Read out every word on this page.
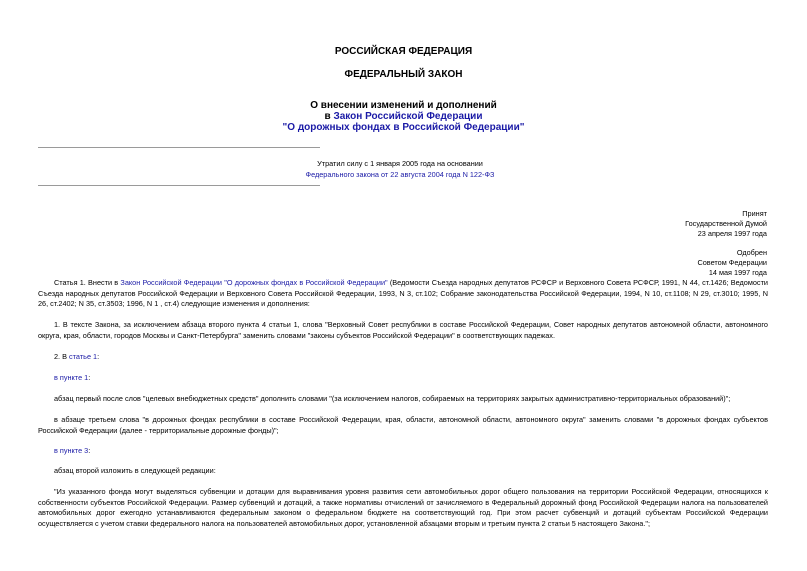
РОССИЙСКАЯ ФЕДЕРАЦИЯ
ФЕДЕРАЛЬНЫЙ ЗАКОН
О внесении изменений и дополнений
в Закон Российской Федерации
"О дорожных фондах в Российской Федерации"
Утратил силу с 1 января 2005 года на основании
Федерального закона от 22 августа 2004 года N 122-ФЗ
Принят
Государственной Думой
23 апреля 1997 года
Одобрен
Советом Федерации
14 мая 1997 года
Статья 1. Внести в Закон Российской Федерации "О дорожных фондах в Российской Федерации" (Ведомости Съезда народных депутатов РСФСР и Верховного Совета РСФСР, 1991, N 44, ст.1426; Ведомости Съезда народных депутатов Российской Федерации и Верховного Совета Российской Федерации, 1993, N 3, ст.102; Собрание законодательства Российской Федерации, 1994, N 10, ст.1108; N 29, ст.3010; 1995, N 26, ст.2402; N 35, ст.3503; 1996, N 1 , ст.4) следующие изменения и дополнения:
1. В тексте Закона, за исключением абзаца второго пункта 4 статьи 1, слова "Верховный Совет республики в составе Российской Федерации, Совет народных депутатов автономной области, автономного округа, края, области, городов Москвы и Санкт-Петербурга" заменить словами "законы субъектов Российской Федерации" в соответствующих падежах.
2. В статье 1:
в пункте 1:
абзац первый после слов "целевых внебюджетных средств" дополнить словами "(за исключением налогов, собираемых на территориях закрытых административно-территориальных образований)";
в абзаце третьем слова "в дорожных фондах республики в составе Российской Федерации, края, области, автономной области, автономного округа" заменить словами "в дорожных фондах субъектов Российской Федерации (далее - территориальные дорожные фонды)";
в пункте 3:
абзац второй изложить в следующей редакции:
"Из указанного фонда могут выделяться субвенции и дотации для выравнивания уровня развития сети автомобильных дорог общего пользования на территории Российской Федерации, относящихся к собственности субъектов Российской Федерации. Размер субвенций и дотаций, а также нормативы отчислений от зачисляемого в Федеральный дорожный фонд Российской Федерации налога на пользователей автомобильных дорог ежегодно устанавливаются федеральным законом о федеральном бюджете на соответствующий год. При этом расчет субвенций и дотаций субъектам Российской Федерации осуществляется с учетом ставки федерального налога на пользователей автомобильных дорог, установленной абзацами вторым и третьим пункта 2 статьи 5 настоящего Закона.";
